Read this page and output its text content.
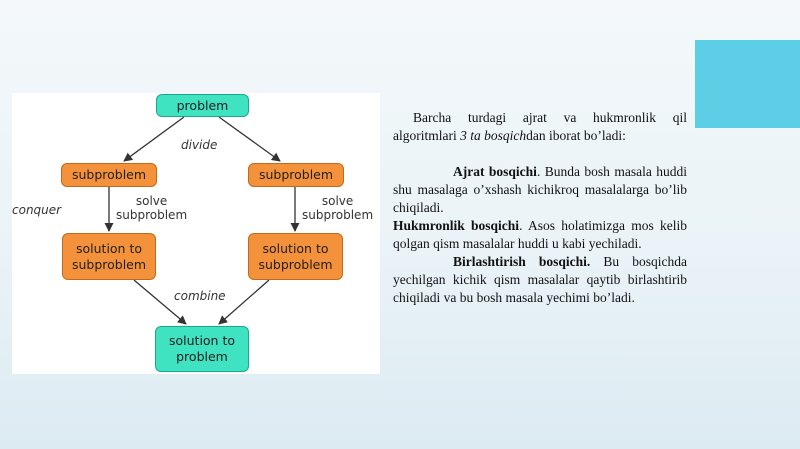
problem
subproblem	subproblem
solution to
subproblem
solution to
subproblem
solution to
problem
divide
conquer
solve
subproblem
solve
subproblem
combine

Barcha turdagi ajrat va hukmronlik qil algoritmlari 3 ta bosqichdan iborat bo’ladi:

Ajrat bosqichi. Bunda bosh masala huddi shu masalaga o’xshash kichikroq masalalarga bo’lib chiqiladi.

Hukmronlik bosqichi. Asos holatimizga mos kelib qolgan qism masalalar huddi u kabi yechiladi.

Birlashtirish bosqichi. Bu bosqichda yechilgan kichik qism masalalar qaytib birlashtirib chiqiladi va bu bosh masala yechimi bo’ladi.
